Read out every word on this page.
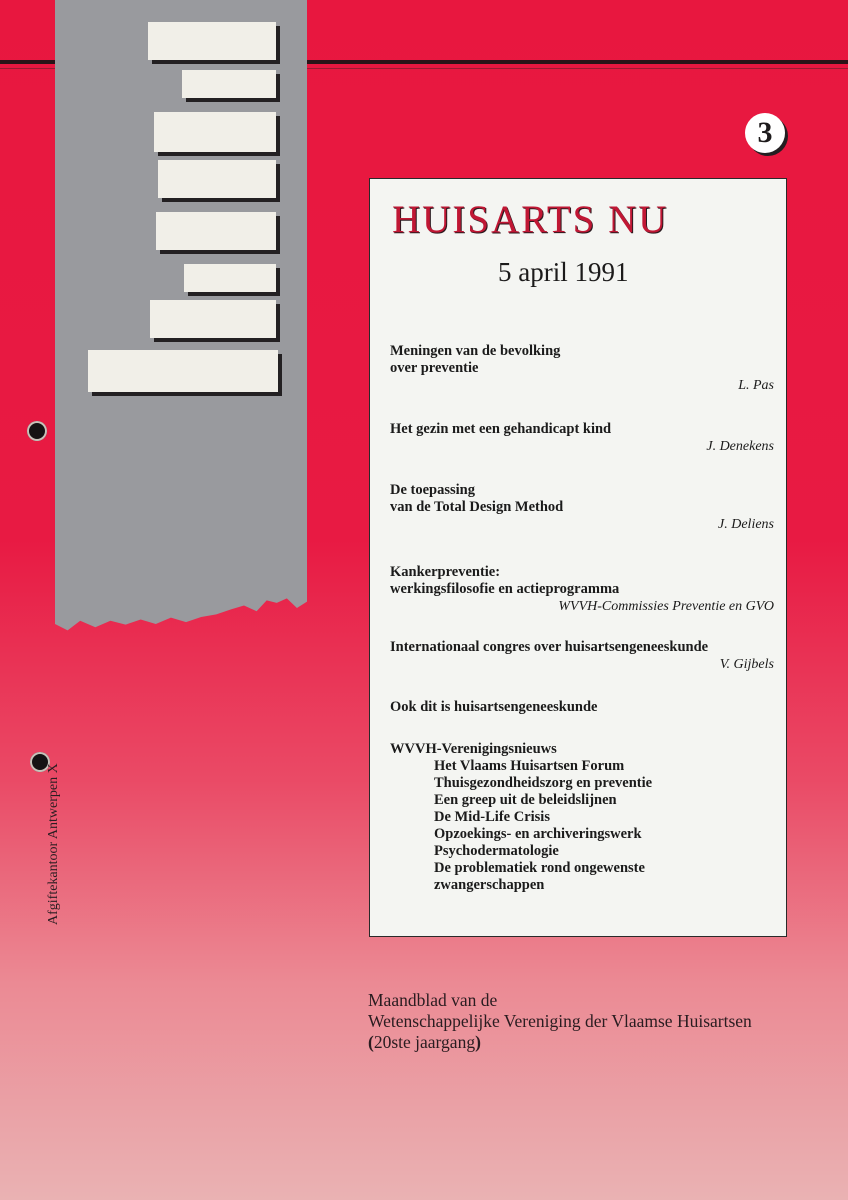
Afgiftekantoor Antwerpen X
3
HUISARTS NU
5 april 1991
Meningen van de bevolking
over preventie
L. Pas
Het gezin met een gehandicapt kind
J. Denekens
De toepassing
van de Total Design Method
J. Deliens
Kankerpreventie:
werkingsfilosofie en actieprogramma
WVVH-Commissies Preventie en GVO
Internationaal congres over huisartsengeneeskunde
V. Gijbels
Ook dit is huisartsengeneeskunde
WVVH-Verenigingsnieuws
Het Vlaams Huisartsen Forum
Thuisgezondheidszorg en preventie
Een greep uit de beleidslijnen
De Mid-Life Crisis
Opzoekings- en archiveringswerk
Psychodermatologie
De problematiek rond ongewenste
zwangerschappen
Maandblad van de
Wetenschappelijke Vereniging der Vlaamse Huisartsen
(20ste jaargang)
